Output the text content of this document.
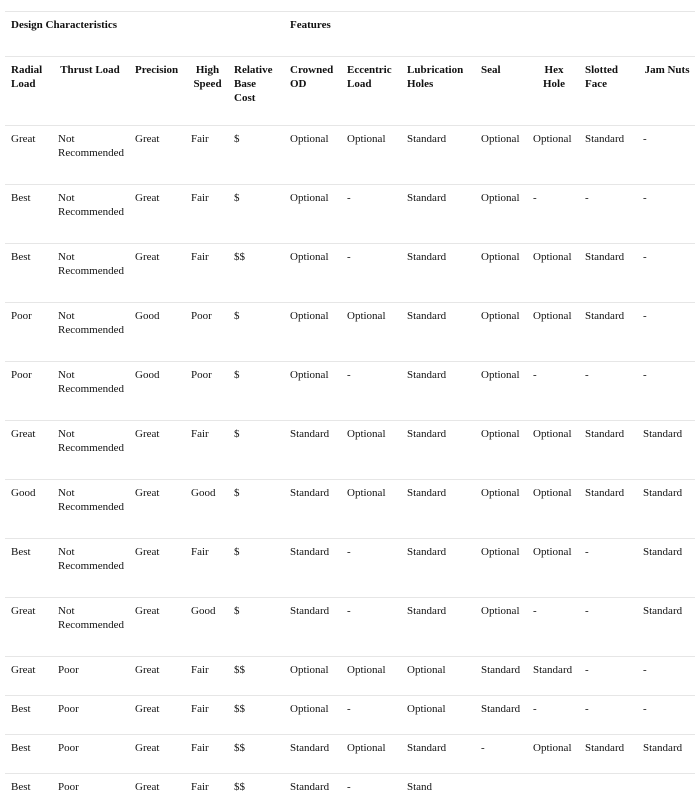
Design Characteristics					Features						
Radial Load	Thrust Load	Precision	High Speed	Relative Base Cost	Crowned OD	Eccentric Load	Lubrication Holes	Seal	Hex Hole	Slotted Face	Jam Nuts
Great	Not Recommended	Great	Fair	$	Optional	Optional	Standard	Optional	Optional	Standard	-
Best	Not Recommended	Great	Fair	$	Optional	-	Standard	Optional	-	-	-
Best	Not Recommended	Great	Fair	$$	Optional	-	Standard	Optional	Optional	Standard	-
Poor	Not Recommended	Good	Poor	$	Optional	Optional	Standard	Optional	Optional	Standard	-
Poor	Not Recommended	Good	Poor	$	Optional	-	Standard	Optional	-	-	-
Great	Not Recommended	Great	Fair	$	Standard	Optional	Standard	Optional	Optional	Standard	Standard
Good	Not Recommended	Great	Good	$	Standard	Optional	Standard	Optional	Optional	Standard	Standard
Best	Not Recommended	Great	Fair	$	Standard	-	Standard	Optional	Optional	-	Standard
Great	Not Recommended	Great	Good	$	Standard	-	Standard	Optional	-	-	Standard
Great	Poor	Great	Fair	$$	Optional	Optional	Optional	Standard	Standard	-	-
Best	Poor	Great	Fair	$$	Optional	-	Optional	Standard	-	-	-
Best	Poor	Great	Fair	$$	Standard	Optional	Standard	-	Optional	Standard	Standard
Best	Poor	Great	Fair	$$	Standard	-	Stand				
